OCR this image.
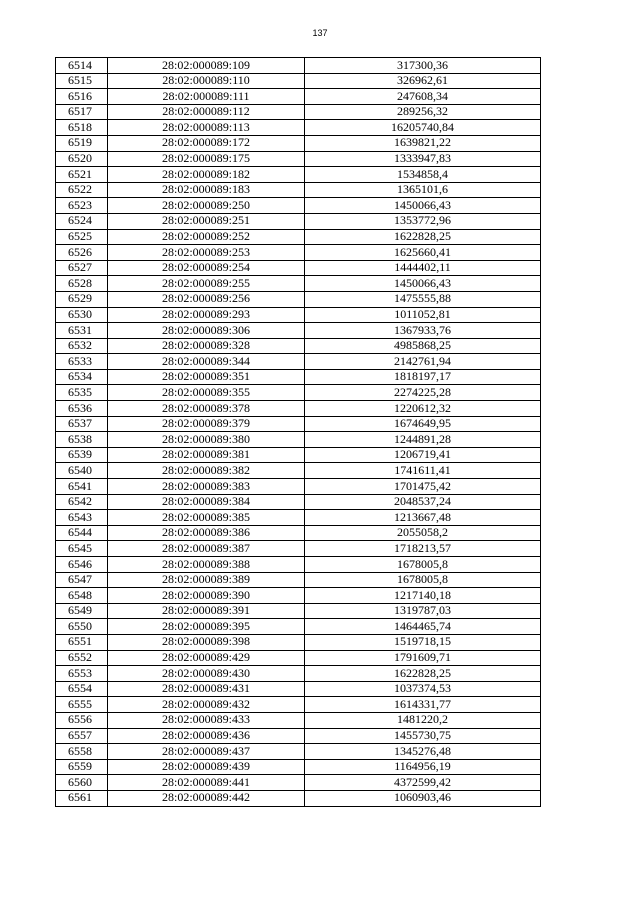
137
6514	28:02:000089:109	317300,36
6515	28:02:000089:110	326962,61
6516	28:02:000089:111	247608,34
6517	28:02:000089:112	289256,32
6518	28:02:000089:113	16205740,84
6519	28:02:000089:172	1639821,22
6520	28:02:000089:175	1333947,83
6521	28:02:000089:182	1534858,4
6522	28:02:000089:183	1365101,6
6523	28:02:000089:250	1450066,43
6524	28:02:000089:251	1353772,96
6525	28:02:000089:252	1622828,25
6526	28:02:000089:253	1625660,41
6527	28:02:000089:254	1444402,11
6528	28:02:000089:255	1450066,43
6529	28:02:000089:256	1475555,88
6530	28:02:000089:293	1011052,81
6531	28:02:000089:306	1367933,76
6532	28:02:000089:328	4985868,25
6533	28:02:000089:344	2142761,94
6534	28:02:000089:351	1818197,17
6535	28:02:000089:355	2274225,28
6536	28:02:000089:378	1220612,32
6537	28:02:000089:379	1674649,95
6538	28:02:000089:380	1244891,28
6539	28:02:000089:381	1206719,41
6540	28:02:000089:382	1741611,41
6541	28:02:000089:383	1701475,42
6542	28:02:000089:384	2048537,24
6543	28:02:000089:385	1213667,48
6544	28:02:000089:386	2055058,2
6545	28:02:000089:387	1718213,57
6546	28:02:000089:388	1678005,8
6547	28:02:000089:389	1678005,8
6548	28:02:000089:390	1217140,18
6549	28:02:000089:391	1319787,03
6550	28:02:000089:395	1464465,74
6551	28:02:000089:398	1519718,15
6552	28:02:000089:429	1791609,71
6553	28:02:000089:430	1622828,25
6554	28:02:000089:431	1037374,53
6555	28:02:000089:432	1614331,77
6556	28:02:000089:433	1481220,2
6557	28:02:000089:436	1455730,75
6558	28:02:000089:437	1345276,48
6559	28:02:000089:439	1164956,19
6560	28:02:000089:441	4372599,42
6561	28:02:000089:442	1060903,46
